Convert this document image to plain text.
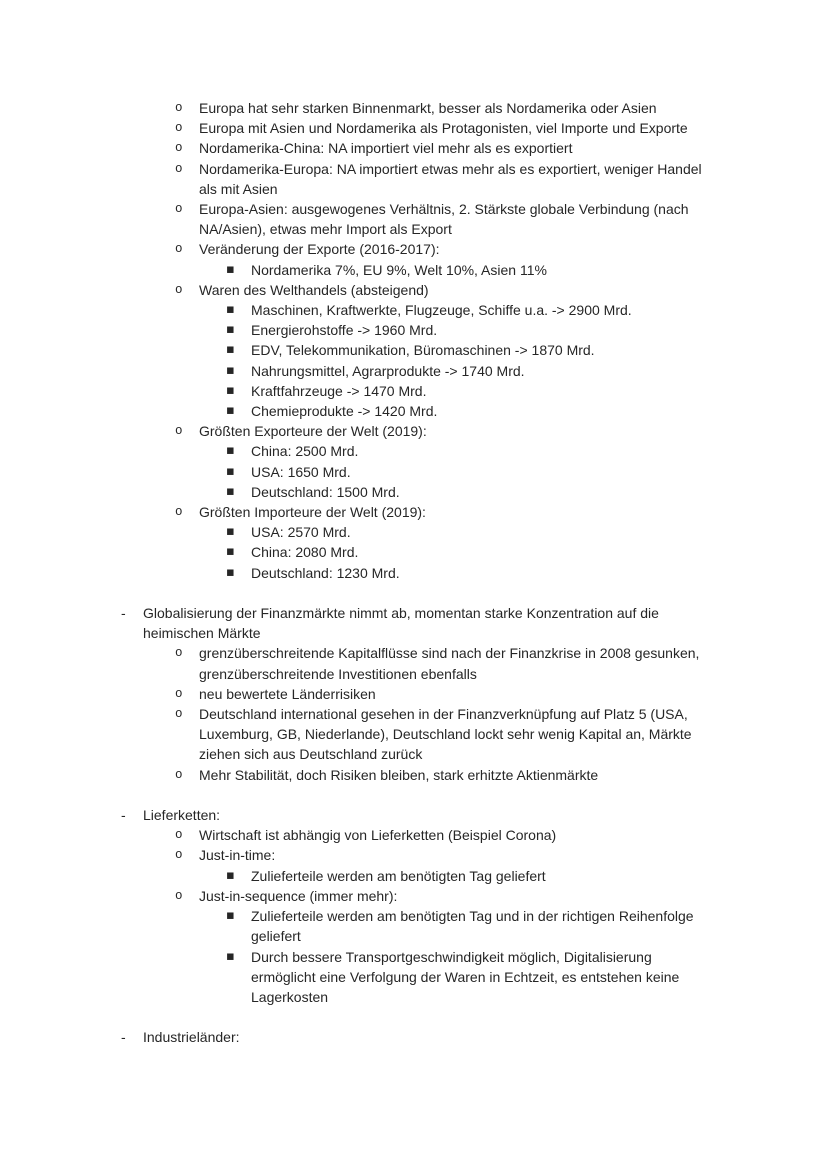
o Europa hat sehr starken Binnenmarkt, besser als Nordamerika oder Asien
o Europa mit Asien und Nordamerika als Protagonisten, viel Importe und Exporte
o Nordamerika-China: NA importiert viel mehr als es exportiert
o Nordamerika-Europa: NA importiert etwas mehr als es exportiert, weniger Handel als mit Asien
o Europa-Asien: ausgewogenes Verhältnis, 2. Stärkste globale Verbindung (nach NA/Asien), etwas mehr Import als Export
o Veränderung der Exporte (2016-2017):
▪ Nordamerika 7%, EU 9%, Welt 10%, Asien 11%
o Waren des Welthandels (absteigend)
▪ Maschinen, Kraftwerkte, Flugzeuge, Schiffe u.a. -> 2900 Mrd.
▪ Energierohstoffe -> 1960 Mrd.
▪ EDV, Telekommunikation, Büromaschinen -> 1870 Mrd.
▪ Nahrungsmittel, Agrarprodukte -> 1740 Mrd.
▪ Kraftfahrzeuge -> 1470 Mrd.
▪ Chemieprodukte -> 1420 Mrd.
o Größten Exporteure der Welt (2019):
▪ China: 2500 Mrd.
▪ USA: 1650 Mrd.
▪ Deutschland: 1500 Mrd.
o Größten Importeure der Welt (2019):
▪ USA: 2570 Mrd.
▪ China: 2080 Mrd.
▪ Deutschland: 1230 Mrd.
- Globalisierung der Finanzmärkte nimmt ab, momentan starke Konzentration auf die heimischen Märkte
o grenzüberschreitende Kapitalflüsse sind nach der Finanzkrise in 2008 gesunken, grenzüberschreitende Investitionen ebenfalls
o neu bewertete Länderrisiken
o Deutschland international gesehen in der Finanzverknüpfung auf Platz 5 (USA, Luxemburg, GB, Niederlande), Deutschland lockt sehr wenig Kapital an, Märkte ziehen sich aus Deutschland zurück
o Mehr Stabilität, doch Risiken bleiben, stark erhitzte Aktienmärkte
- Lieferketten:
o Wirtschaft ist abhängig von Lieferketten (Beispiel Corona)
o Just-in-time:
▪ Zulieferteile werden am benötigten Tag geliefert
o Just-in-sequence (immer mehr):
▪ Zulieferteile werden am benötigten Tag und in der richtigen Reihenfolge geliefert
▪ Durch bessere Transportgeschwindigkeit möglich, Digitalisierung ermöglicht eine Verfolgung der Waren in Echtzeit, es entstehen keine Lagerkosten
- Industrieländer:
